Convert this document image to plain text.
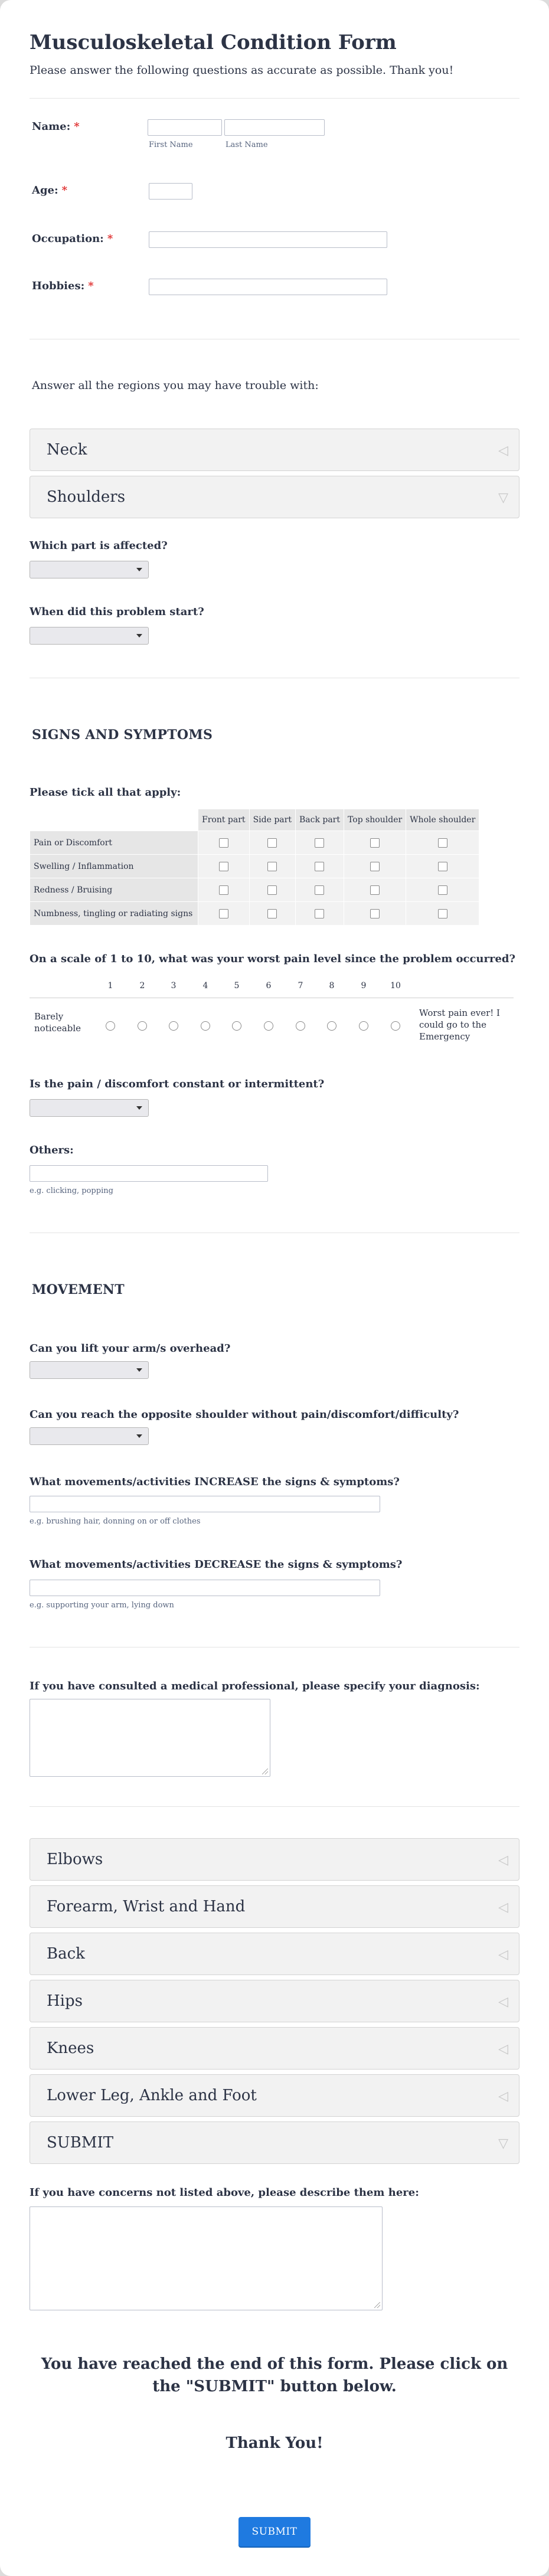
Musculoskeletal Condition Form
Please answer the following questions as accurate as possible. Thank you!
Name: *
First Name	Last Name
Age: *
Occupation: *
Hobbies: *
Answer all the regions you may have trouble with:
Neck	◁
Shoulders	▽
Which part is affected?
When did this problem start?
SIGNS AND SYMPTOMS
Please tick all that apply:
	Front part	Side part	Back part	Top shoulder	Whole shoulder
Pain or Discomfort					
Swelling / Inflammation					
Redness / Bruising					
Numbness, tingling or radiating signs					
On a scale of 1 to 10, what was your worst pain level since the problem occurred?
1	2	3	4	5	6	7	8	9	10
Barely noticeable
Worst pain ever! I could go to the Emergency
Is the pain / discomfort constant or intermittent?
Others:
e.g. clicking, popping
MOVEMENT
Can you lift your arm/s overhead?
Can you reach the opposite shoulder without pain/discomfort/difficulty?
What movements/activities INCREASE the signs & symptoms?
e.g. brushing hair, donning on or off clothes
What movements/activities DECREASE the signs & symptoms?
e.g. supporting your arm, lying down
If you have consulted a medical professional, please specify your diagnosis:
Elbows	◁
Forearm, Wrist and Hand	◁
Back	◁
Hips	◁
Knees	◁
Lower Leg, Ankle and Foot	◁
SUBMIT	▽
If you have concerns not listed above, please describe them here:
You have reached the end of this form. Please click on the "SUBMIT" button below.
Thank You!
SUBMIT
